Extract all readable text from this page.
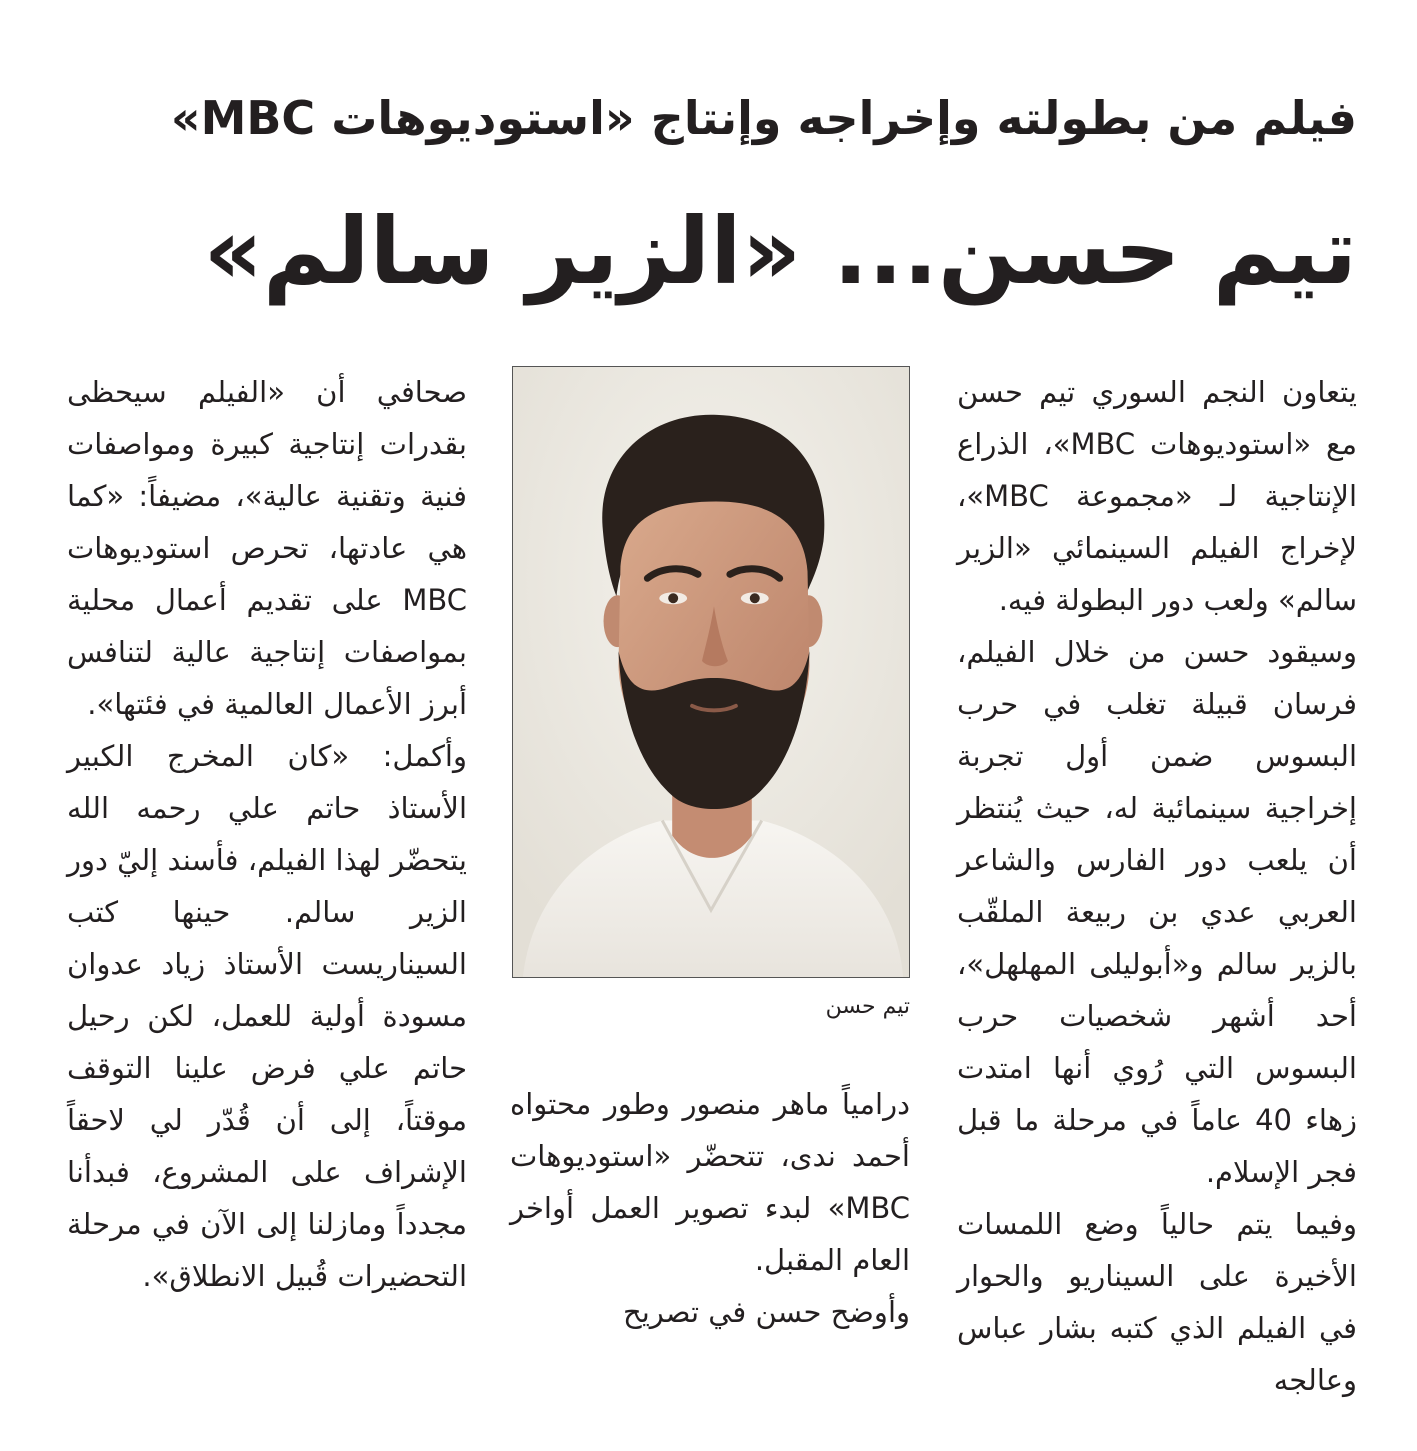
فيلم من بطولته وإخراجه وإنتاج «استوديوهات MBC»
تيم حسن... «الزير سالم»

يتعاون النجم السوري تيم حسن مع «استوديوهات MBC»، الذراع الإنتاجية لـ «مجموعة MBC»، لإخراج الفيلم السينمائي «الزير سالم» ولعب دور البطولة فيه.

وسيقود حسن من خلال الفيلم، فرسان قبيلة تغلب في حرب البسوس ضمن أول تجربة إخراجية سينمائية له، حيث يُنتظر أن يلعب دور الفارس والشاعر العربي عدي بن ربيعة الملقّب بالزير سالم و«أبوليلى المهلهل»، أحد أشهر شخصيات حرب البسوس التي رُوي أنها امتدت زهاء 40 عاماً في مرحلة ما قبل فجر الإسلام.

وفيما يتم حالياً وضع اللمسات الأخيرة على السيناريو والحوار في الفيلم الذي كتبه بشار عباس وعالجه

تيم حسن

درامياً ماهر منصور وطور محتواه أحمد ندى، تتحضّر «استوديوهات MBC» لبدء تصوير العمل أواخر العام المقبل.

وأوضح حسن في تصريح

صحافي أن «الفيلم سيحظى بقدرات إنتاجية كبيرة ومواصفات فنية وتقنية عالية»، مضيفاً: «كما هي عادتها، تحرص استوديوهات MBC على تقديم أعمال محلية بمواصفات إنتاجية عالية لتنافس أبرز الأعمال العالمية في فئتها».

وأكمل: «كان المخرج الكبير الأستاذ حاتم علي رحمه الله يتحضّر لهذا الفيلم، فأسند إليّ دور الزير سالم. حينها كتب السيناريست الأستاذ زياد عدوان مسودة أولية للعمل، لكن رحيل حاتم علي فرض علينا التوقف موقتاً، إلى أن قُدّر لي لاحقاً الإشراف على المشروع، فبدأنا مجدداً ومازلنا إلى الآن في مرحلة التحضيرات قُبيل الانطلاق».
